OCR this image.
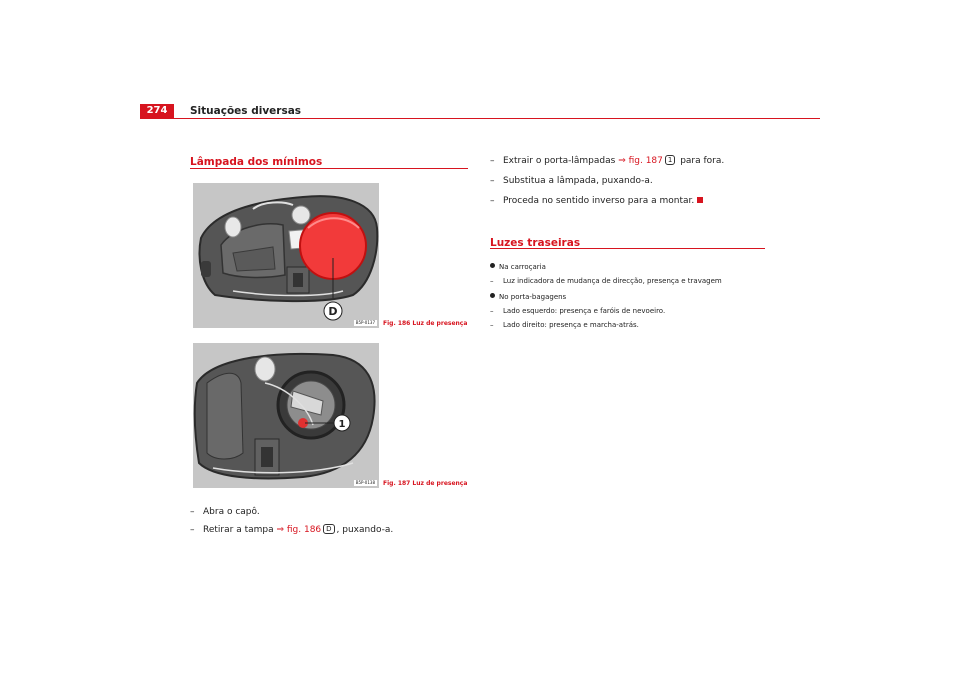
274	Situações diversas
Lâmpada dos mínimos
D
B5P-0137	Fig. 186 Luz de presença
1
B5P-0138	Fig. 187 Luz de presença
– Abra o capô.
– Retirar a tampa ⇒ fig. 186 D , puxando-a.
– Extrair o porta-lâmpadas ⇒ fig. 187 1 para fora.
– Substitua a lâmpada, puxando-a.
– Proceda no sentido inverso para a montar.
Luzes traseiras
Na carroçaria
– Luz indicadora de mudança de direcção, presença e travagem
No porta-bagagens
– Lado esquerdo: presença e faróis de nevoeiro.
– Lado direito: presença e marcha-atrás.
